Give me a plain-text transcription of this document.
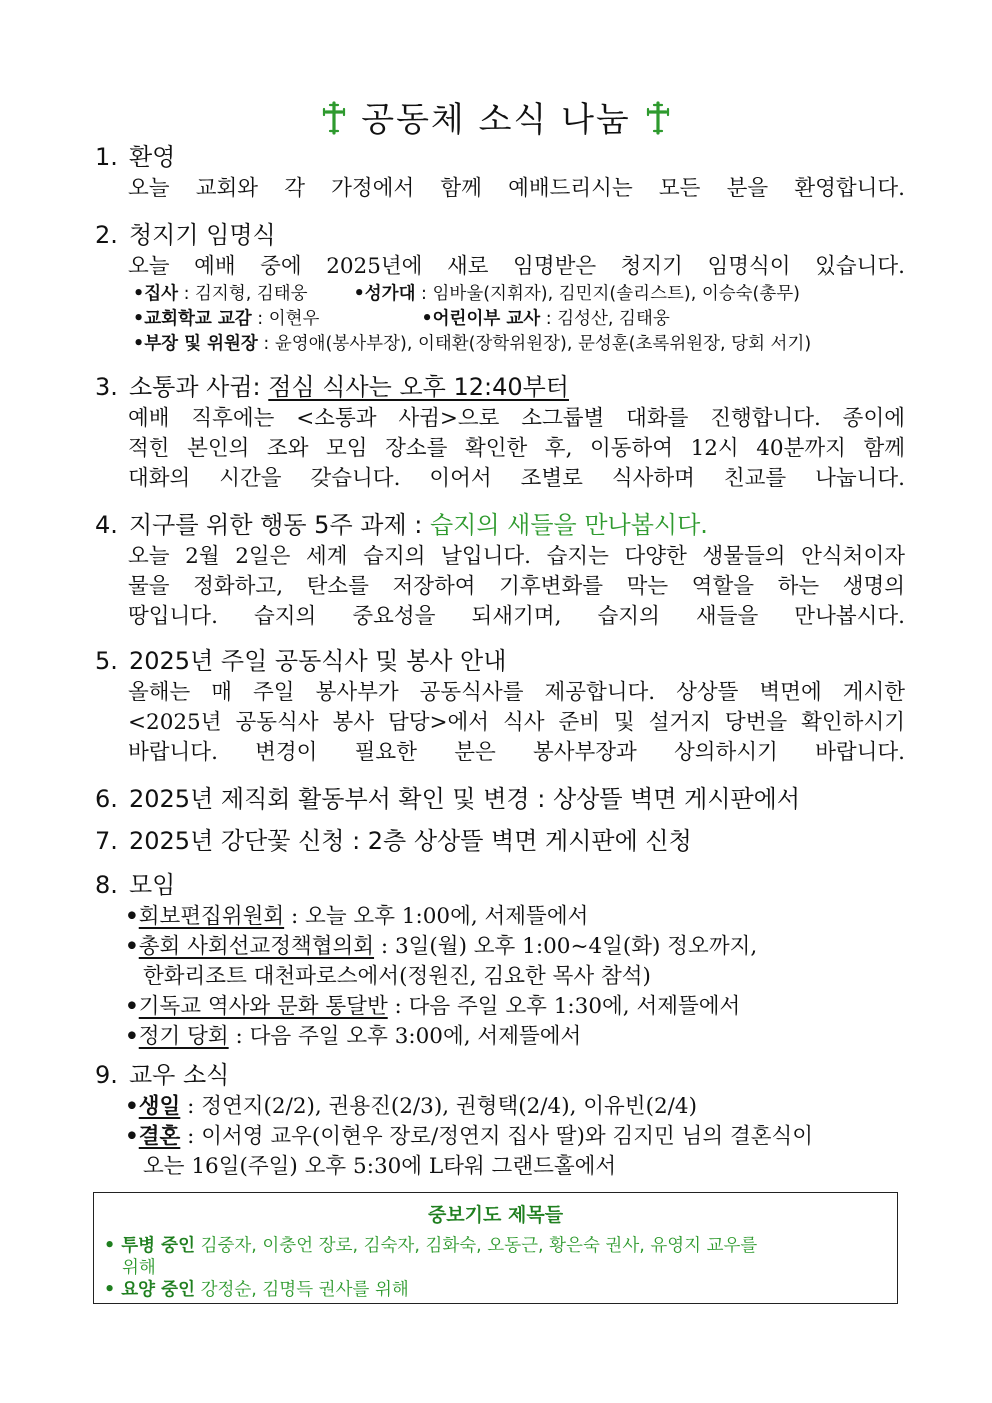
공동체 소식 나눔
1. 환영
오늘 교회와 각 가정에서 함께 예배드리시는 모든 분을 환영합니다.
2. 청지기 임명식
오늘 예배 중에 2025년에 새로 임명받은 청지기 임명식이 있습니다.
•집사 : 김지형, 김태웅	•성가대 : 임바울(지휘자), 김민지(솔리스트), 이승숙(총무)
•교회학교 교감 : 이현우	•어린이부 교사 : 김성산, 김태웅
•부장 및 위원장 : 윤영애(봉사부장), 이태환(장학위원장), 문성훈(초록위원장, 당회 서기)
3. 소통과 사귐: 점심 식사는 오후 12:40부터
예배 직후에는 <소통과 사귐>으로 소그룹별 대화를 진행합니다. 종이에
적힌 본인의 조와 모임 장소를 확인한 후, 이동하여 12시 40분까지 함께
대화의 시간을 갖습니다. 이어서 조별로 식사하며 친교를 나눕니다.
4. 지구를 위한 행동 5주 과제 : 습지의 새들을 만나봅시다.
오늘 2월 2일은 세계 습지의 날입니다. 습지는 다양한 생물들의 안식처이자
물을 정화하고, 탄소를 저장하여 기후변화를 막는 역할을 하는 생명의
땅입니다. 습지의 중요성을 되새기며, 습지의 새들을 만나봅시다.
5. 2025년 주일 공동식사 및 봉사 안내
올해는 매 주일 봉사부가 공동식사를 제공합니다. 상상뜰 벽면에 게시한
<2025년 공동식사 봉사 담당>에서 식사 준비 및 설거지 당번을 확인하시기
바랍니다. 변경이 필요한 분은 봉사부장과 상의하시기 바랍니다.
6. 2025년 제직회 활동부서 확인 및 변경 : 상상뜰 벽면 게시판에서
7. 2025년 강단꽃 신청 : 2층 상상뜰 벽면 게시판에 신청
8. 모임
•회보편집위원회 : 오늘 오후 1:00에, 서제뜰에서
•총회 사회선교정책협의회 : 3일(월) 오후 1:00~4일(화) 정오까지,
한화리조트 대천파로스에서(정원진, 김요한 목사 참석)
•기독교 역사와 문화 통달반 : 다음 주일 오후 1:30에, 서제뜰에서
•정기 당회 : 다음 주일 오후 3:00에, 서제뜰에서
9. 교우 소식
•생일 : 정연지(2/2), 권용진(2/3), 권형택(2/4), 이유빈(2/4)
•결혼 : 이서영 교우(이현우 장로/정연지 집사 딸)와 김지민 님의 결혼식이
오는 16일(주일) 오후 5:30에 L타워 그랜드홀에서
중보기도 제목들
• 투병 중인 김중자, 이충언 장로, 김숙자, 김화숙, 오동근, 황은숙 권사, 유영지 교우를
위해
• 요양 중인 강정순, 김명득 권사를 위해
